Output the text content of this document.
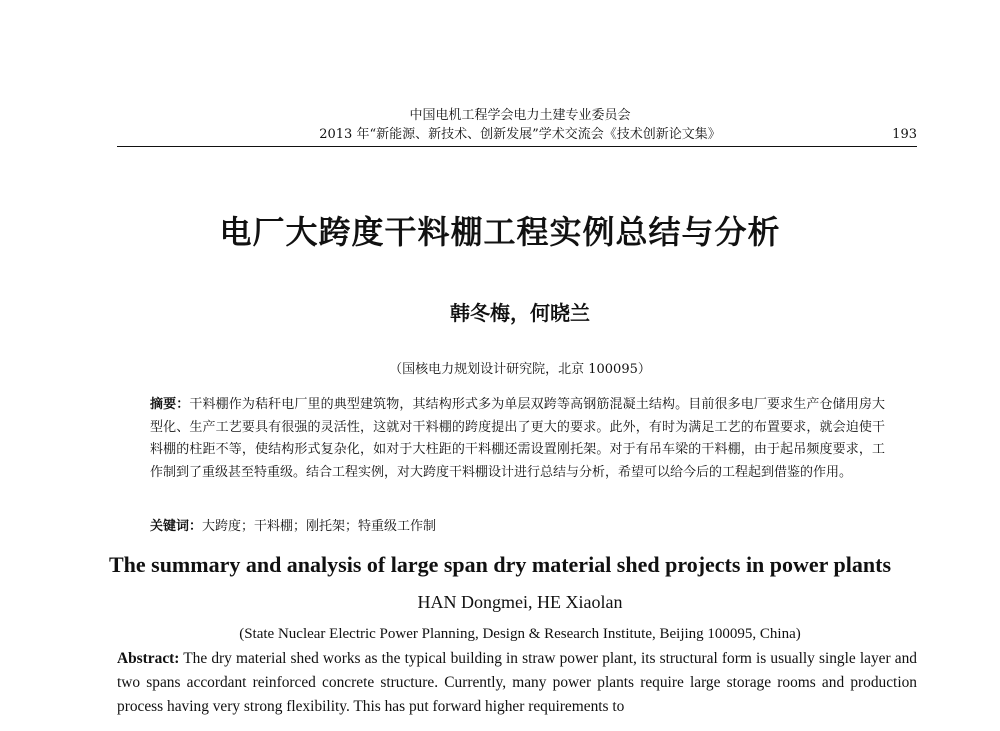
中国电机工程学会电力土建专业委员会
2013 年“新能源、新技术、创新发展”学术交流会《技术创新论文集》	193
电厂大跨度干料棚工程实例总结与分析
韩冬梅，何晓兰
（国核电力规划设计研究院，北京 100095）
摘要：干料棚作为秸秆电厂里的典型建筑物，其结构形式多为单层双跨等高钢筋混凝土结构。目前很多电厂要求生产仓储用房大型化、生产工艺要具有很强的灵活性，这就对干料棚的跨度提出了更大的要求。此外，有时为满足工艺的布置要求，就会迫使干料棚的柱距不等，使结构形式复杂化，如对于大柱距的干料棚还需设置刚托架。对于有吊车梁的干料棚，由于起吊频度要求，工作制到了重级甚至特重级。结合工程实例，对大跨度干料棚设计进行总结与分析，希望可以给今后的工程起到借鉴的作用。
关键词：大跨度；干料棚；刚托架；特重级工作制
The summary and analysis of large span dry material shed projects in power plants
HAN Dongmei, HE Xiaolan
(State Nuclear Electric Power Planning, Design & Research Institute, Beijing 100095, China)
Abstract: The dry material shed works as the typical building in straw power plant, its structural form is usually single layer and two spans accordant reinforced concrete structure. Currently, many power plants require large storage rooms and production process having very strong flexibility. This has put forward higher requirements to
